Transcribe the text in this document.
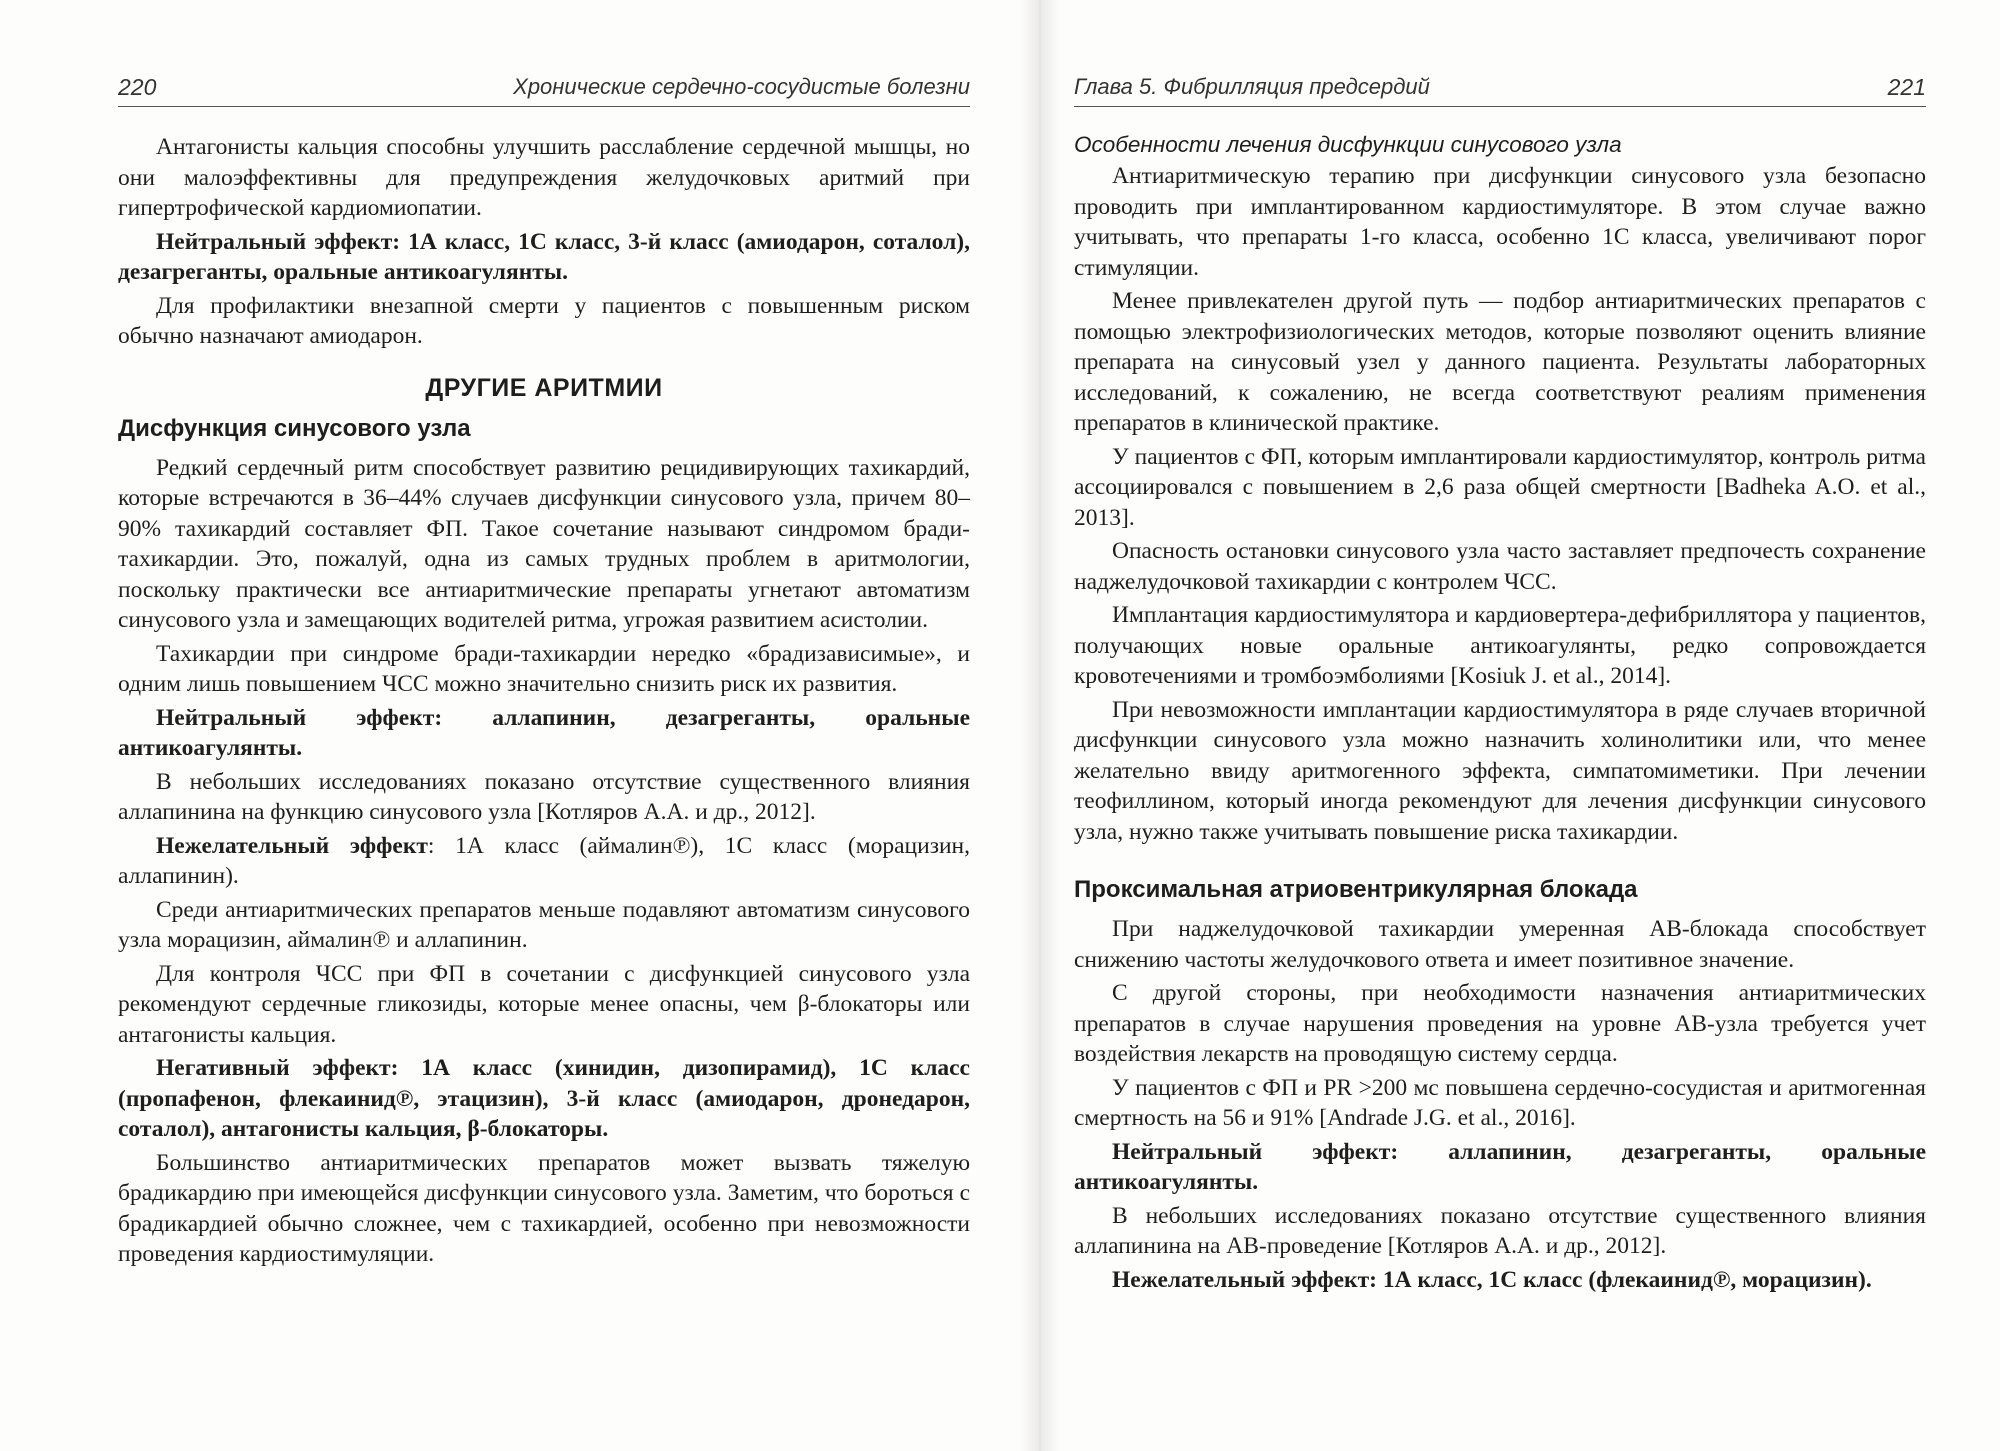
220	Хронические сердечно-сосудистые болезни

Антагонисты кальция способны улучшить расслабление сердечной мышцы, но они малоэффективны для предупреждения желудочковых аритмий при гипертрофической кардиомиопатии.

Нейтральный эффект: 1А класс, 1С класс, 3-й класс (амиодарон, соталол), дезагреганты, оральные антикоагулянты.

Для профилактики внезапной смерти у пациентов с повышенным риском обычно назначают амиодарон.

ДРУГИЕ АРИТМИИ
Дисфункция синусового узла

Редкий сердечный ритм способствует развитию рецидивирующих тахикардий, которые встречаются в 36–44% случаев дисфункции синусового узла, причем 80–90% тахикардий составляет ФП. Такое сочетание называют синдромом бради-тахикардии. Это, пожалуй, одна из самых трудных проблем в аритмологии, поскольку практически все антиаритмические препараты угнетают автоматизм синусового узла и замещающих водителей ритма, угрожая развитием асистолии.

Тахикардии при синдроме бради-тахикардии нередко «брадизависимые», и одним лишь повышением ЧСС можно значительно снизить риск их развития.

Нейтральный эффект: аллапинин, дезагреганты, оральные антикоагулянты.

В небольших исследованиях показано отсутствие существенного влияния аллапинина на функцию синусового узла [Котляров А.А. и др., 2012].

Нежелательный эффект: 1А класс (аймалин℗), 1С класс (морацизин, аллапинин).

Среди антиаритмических препаратов меньше подавляют автоматизм синусового узла морацизин, аймалин℗ и аллапинин.

Для контроля ЧСС при ФП в сочетании с дисфункцией синусового узла рекомендуют сердечные гликозиды, которые менее опасны, чем β-блокаторы или антагонисты кальция.

Негативный эффект: 1А класс (хинидин, дизопирамид), 1С класс (пропафенон, флекаинид℗, этацизин), 3-й класс (амиодарон, дронедарон, соталол), антагонисты кальция, β-блокаторы.

Большинство антиаритмических препаратов может вызвать тяжелую брадикардию при имеющейся дисфункции синусового узла. Заметим, что бороться с брадикардией обычно сложнее, чем с тахикардией, особенно при невозможности проведения кардиостимуляции.

Глава 5. Фибрилляция предсердий	221
Особенности лечения дисфункции синусового узла

Антиаритмическую терапию при дисфункции синусового узла безопасно проводить при имплантированном кардиостимуляторе. В этом случае важно учитывать, что препараты 1-го класса, особенно 1С класса, увеличивают порог стимуляции.

Менее привлекателен другой путь — подбор антиаритмических препаратов с помощью электрофизиологических методов, которые позволяют оценить влияние препарата на синусовый узел у данного пациента. Результаты лабораторных исследований, к сожалению, не всегда соответствуют реалиям применения препаратов в клинической практике.

У пациентов с ФП, которым имплантировали кардиостимулятор, контроль ритма ассоциировался с повышением в 2,6 раза общей смертности [Badheka A.O. et al., 2013].

Опасность остановки синусового узла часто заставляет предпочесть сохранение наджелудочковой тахикардии с контролем ЧСС.

Имплантация кардиостимулятора и кардиовертера-дефибриллятора у пациентов, получающих новые оральные антикоагулянты, редко сопровождается кровотечениями и тромбоэмболиями [Kosiuk J. et al., 2014].

При невозможности имплантации кардиостимулятора в ряде случаев вторичной дисфункции синусового узла можно назначить холинолитики или, что менее желательно ввиду аритмогенного эффекта, симпатомиметики. При лечении теофиллином, который иногда рекомендуют для лечения дисфункции синусового узла, нужно также учитывать повышение риска тахикардии.

Проксимальная атриовентрикулярная блокада

При наджелудочковой тахикардии умеренная АВ-блокада способствует снижению частоты желудочкового ответа и имеет позитивное значение.

С другой стороны, при необходимости назначения антиаритмических препаратов в случае нарушения проведения на уровне АВ-узла требуется учет воздействия лекарств на проводящую систему сердца.

У пациентов с ФП и PR >200 мс повышена сердечно-сосудистая и аритмогенная смертность на 56 и 91% [Andrade J.G. et al., 2016].

Нейтральный эффект: аллапинин, дезагреганты, оральные антикоагулянты.

В небольших исследованиях показано отсутствие существенного влияния аллапинина на АВ-проведение [Котляров А.А. и др., 2012].

Нежелательный эффект: 1А класс, 1С класс (флекаинид℗, морацизин).
